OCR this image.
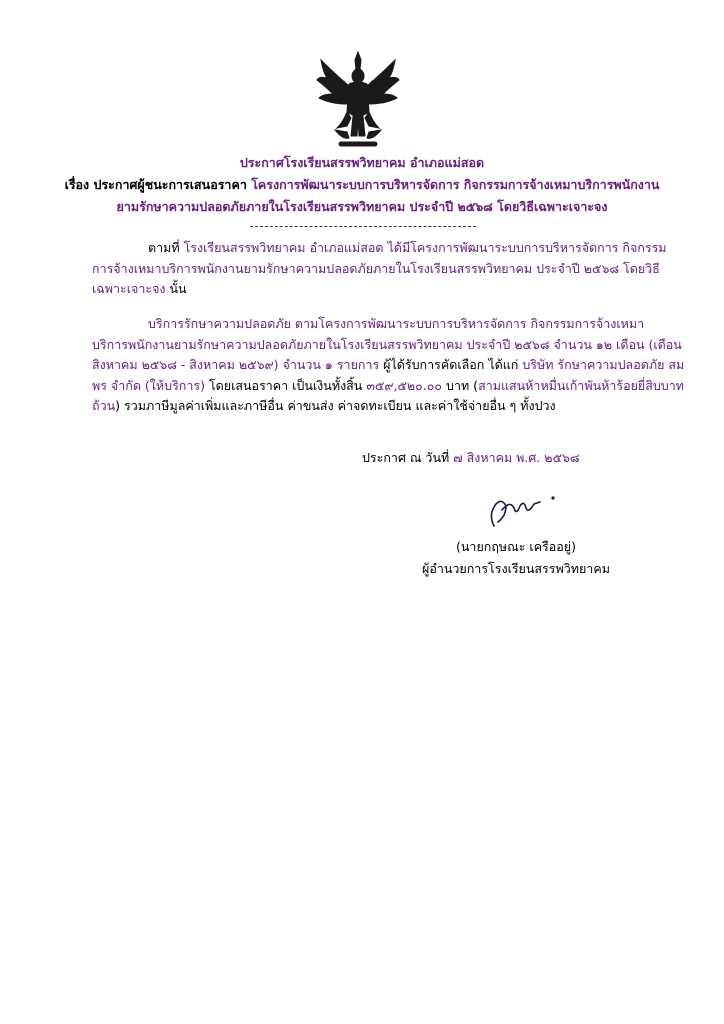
ประกาศโรงเรียนสรรพวิทยาคม อำเภอแม่สอด
เรื่อง ประกาศผู้ชนะการเสนอราคา โครงการพัฒนาระบบการบริหารจัดการ กิจกรรมการจ้างเหมาบริการพนักงาน
ยามรักษาความปลอดภัยภายในโรงเรียนสรรพวิทยาคม ประจำปี ๒๕๖๘ โดยวิธีเฉพาะเจาะจง
ตามที่ โรงเรียนสรรพวิทยาคม อำเภอแม่สอด ได้มีโครงการพัฒนาระบบการบริหารจัดการ กิจกรรม
การจ้างเหมาบริการพนักงานยามรักษาความปลอดภัยภายในโรงเรียนสรรพวิทยาคม ประจำปี ๒๕๖๘ โดยวิธี
เฉพาะเจาะจง นั้น
บริการรักษาความปลอดภัย ตามโครงการพัฒนาระบบการบริหารจัดการ กิจกรรมการจ้างเหมา
บริการพนักงานยามรักษาความปลอดภัยภายในโรงเรียนสรรพวิทยาคม ประจำปี ๒๕๖๘ จำนวน ๑๒ เดือน (เดือน
สิงหาคม ๒๕๖๘ - สิงหาคม ๒๕๖๙) จำนวน ๑ รายการ ผู้ได้รับการคัดเลือก ได้แก่ บริษัท รักษาความปลอดภัย สม
พร จำกัด (ให้บริการ) โดยเสนอราคา เป็นเงินทั้งสิ้น ๓๕๙,๕๒๐.๐๐ บาท (สามแสนห้าหมื่นเก้าพันห้าร้อยยี่สิบบาท
ถ้วน) รวมภาษีมูลค่าเพิ่มและภาษีอื่น ค่าขนส่ง ค่าจดทะเบียน และค่าใช้จ่ายอื่น ๆ ทั้งปวง
ประกาศ ณ วันที่ ๗ สิงหาคม พ.ศ. ๒๕๖๘
(นายกฤษณะ เครืออยู่)
ผู้อำนวยการโรงเรียนสรรพวิทยาคม
